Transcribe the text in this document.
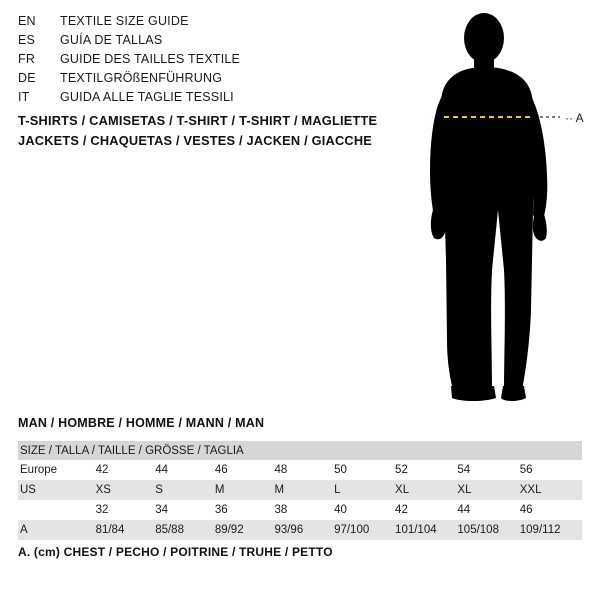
EN	TEXTILE SIZE GUIDE
ES	GUÍA DE TALLAS
FR	GUIDE DES TAILLES TEXTILE
DE	TEXTILGRÖßENFÜHRUNG
IT	GUIDA ALLE TAGLIE TESSILI
T-SHIRTS / CAMISETAS / T-SHIRT / T-SHIRT / MAGLIETTE
JACKETS / CHAQUETAS / VESTES / JACKEN / GIACCHE
·· A
MAN / HOMBRE / HOMME / MANN / MAN
SIZE / TALLA / TAILLE / GRÖSSE / TAGLIA								
Europe	42	44	46	48	50	52	54	56
US	XS	S	M	M	L	XL	XL	XXL
	32	34	36	38	40	42	44	46
A	81/84	85/88	89/92	93/96	97/100	101/104	105/108	109/112
A. (cm) CHEST / PECHO / POITRINE / TRUHE / PETTO
